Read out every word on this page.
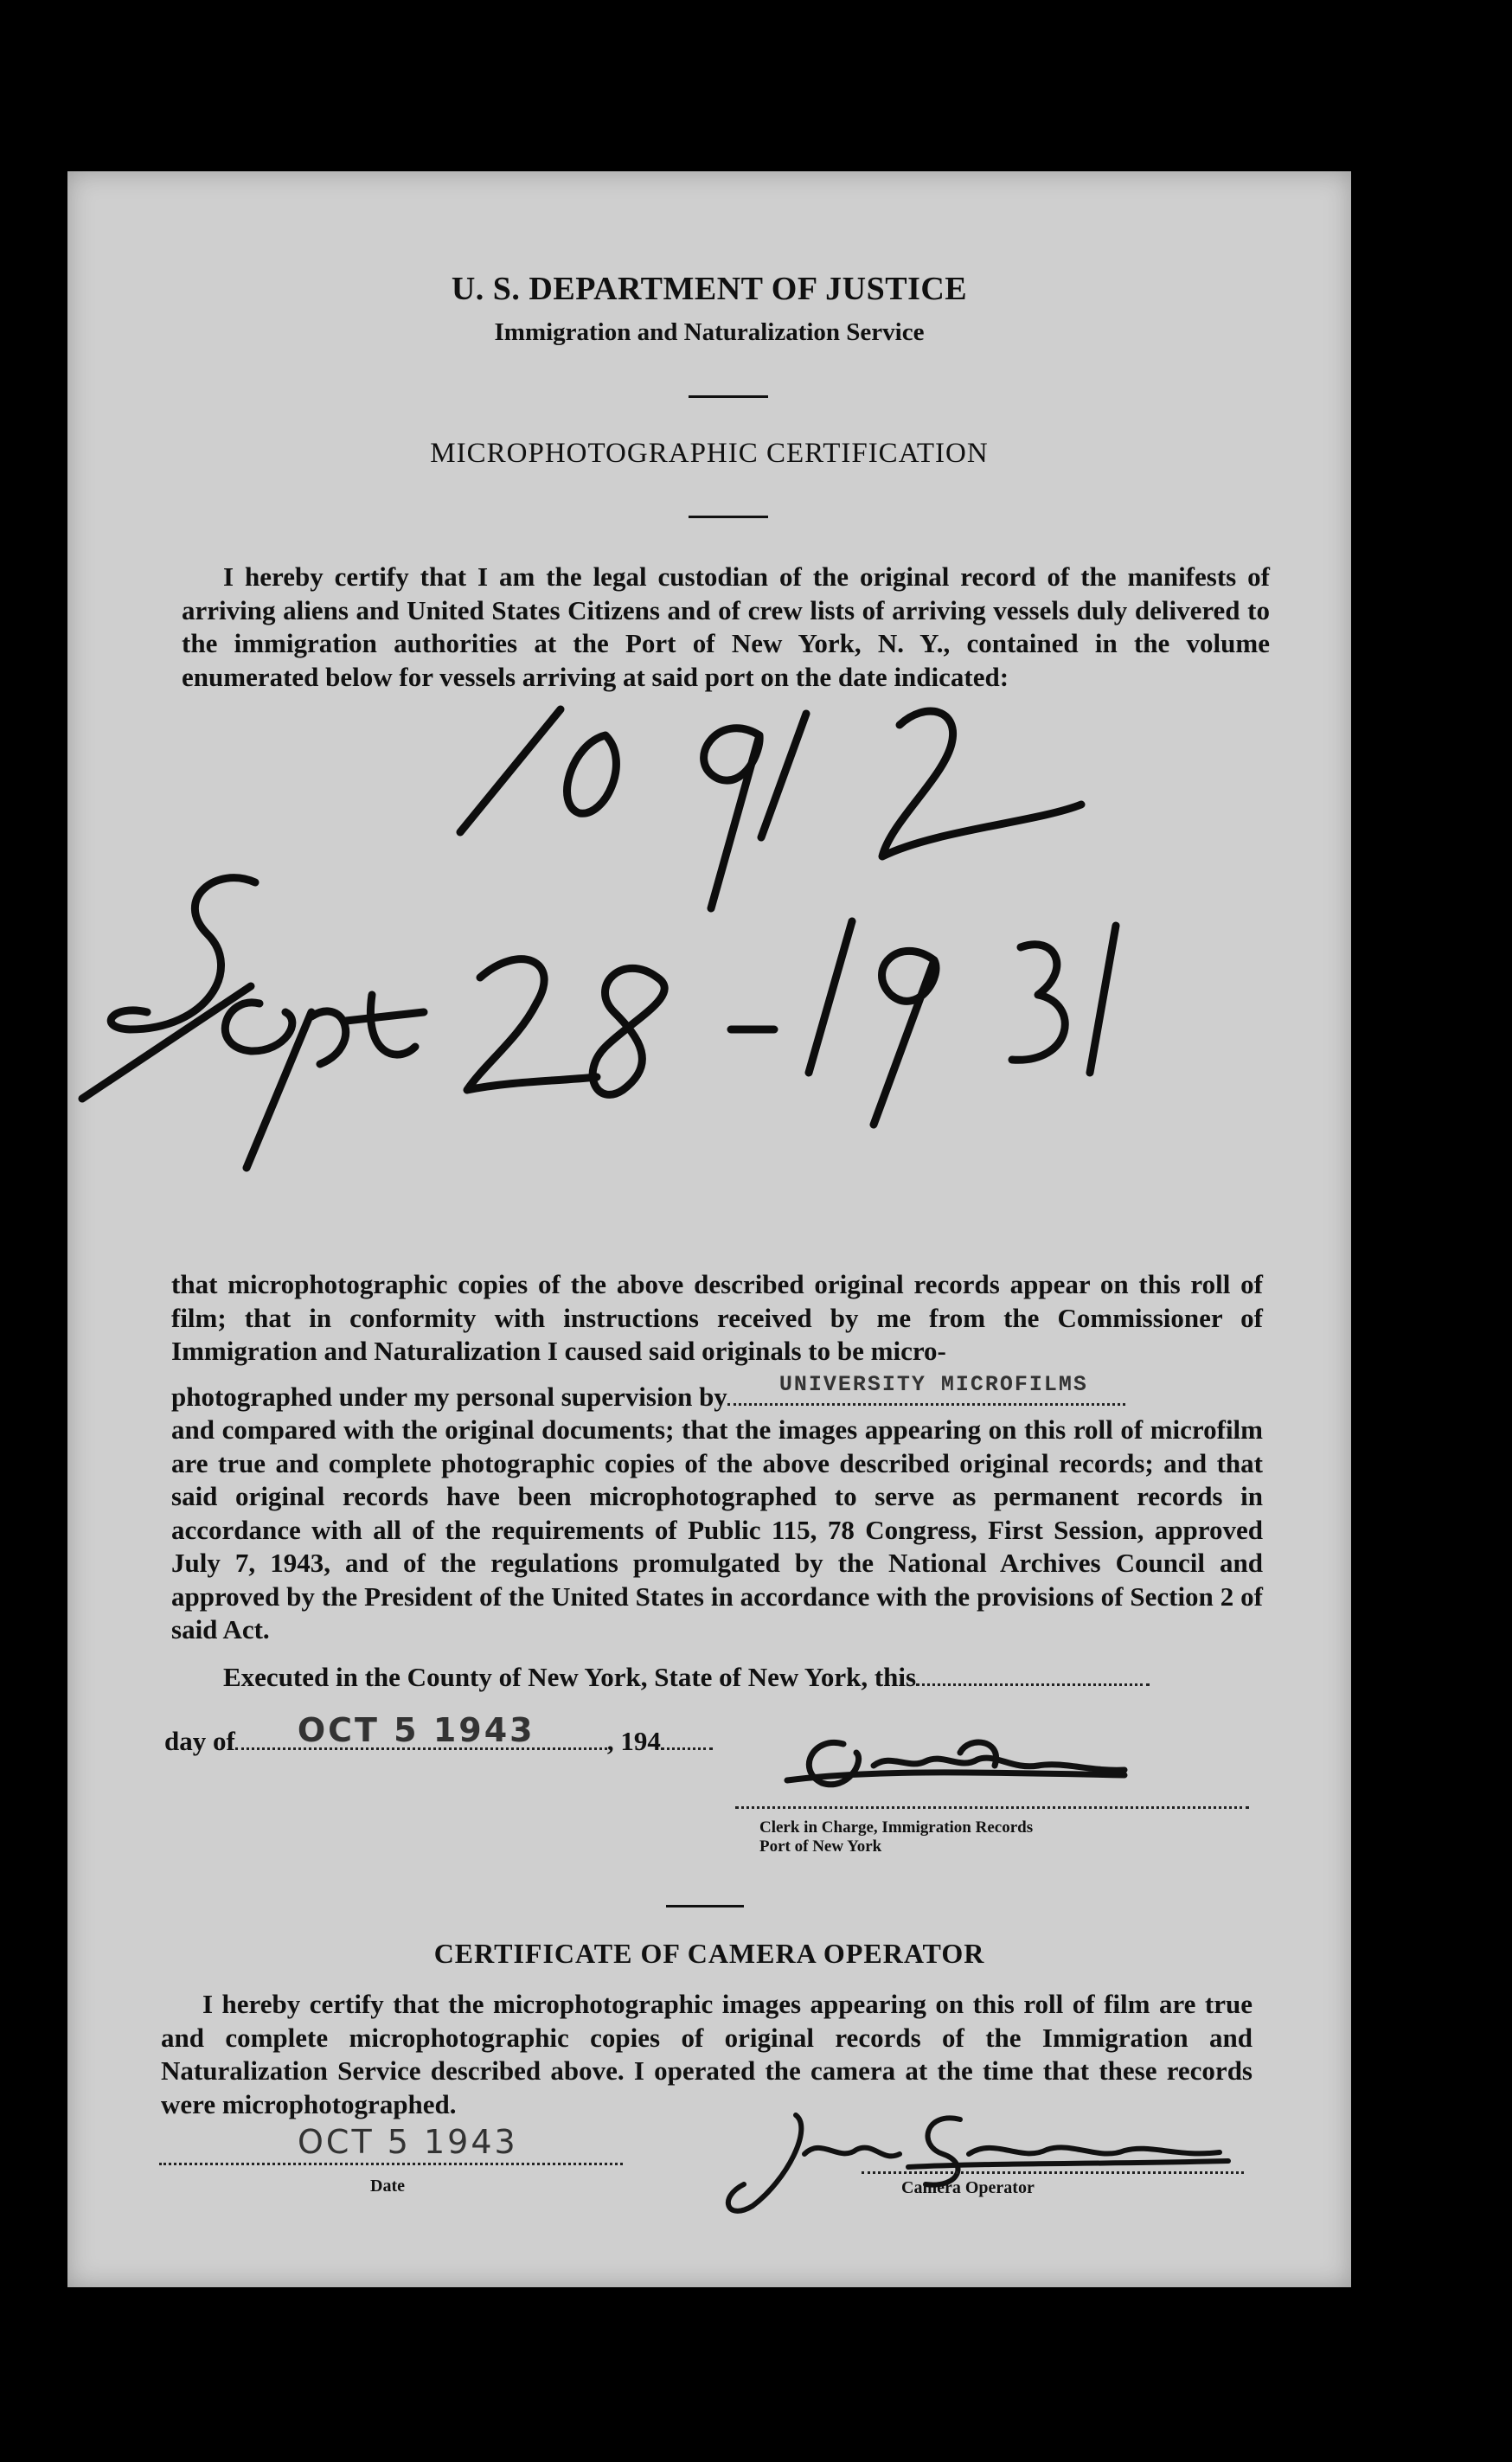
U. S. DEPARTMENT OF JUSTICE
Immigration and Naturalization Service
MICROPHOTOGRAPHIC CERTIFICATION

I hereby certify that I am the legal custodian of the original record of the manifests of arriving aliens and United States Citizens and of crew lists of arriving vessels duly delivered to the immigration authorities at the Port of New York, N. Y., contained in the volume enumerated below for vessels arriving at said port on the date indicated:

that microphotographic copies of the above described original records appear on this roll of film; that in conformity with instructions received by me from the Commissioner of Immigration and Naturalization I caused said originals to be micro-

photographed under my personal supervision by UNIVERSITY MICROFILMS

and compared with the original documents; that the images appearing on this roll of microfilm are true and complete photographic copies of the above described original records; and that said original records have been microphotographed to serve as permanent records in accordance with all of the requirements of Public 115, 78 Congress, First Session, approved July 7, 1943, and of the regulations promulgated by the National Archives Council and approved by the President of the United States in accordance with the provisions of Section 2 of said Act.

Executed in the County of New York, State of New York, this
day of OCT 5 1943	, 194
Clerk in Charge, Immigration Records
Port of New York
CERTIFICATE OF CAMERA OPERATOR

I hereby certify that the microphotographic images appearing on this roll of film are true and complete microphotographic copies of original records of the Immigration and Naturalization Service described above. I operated the camera at the time that these records were microphotographed.

OCT 5 1943
Date	Camera Operator
